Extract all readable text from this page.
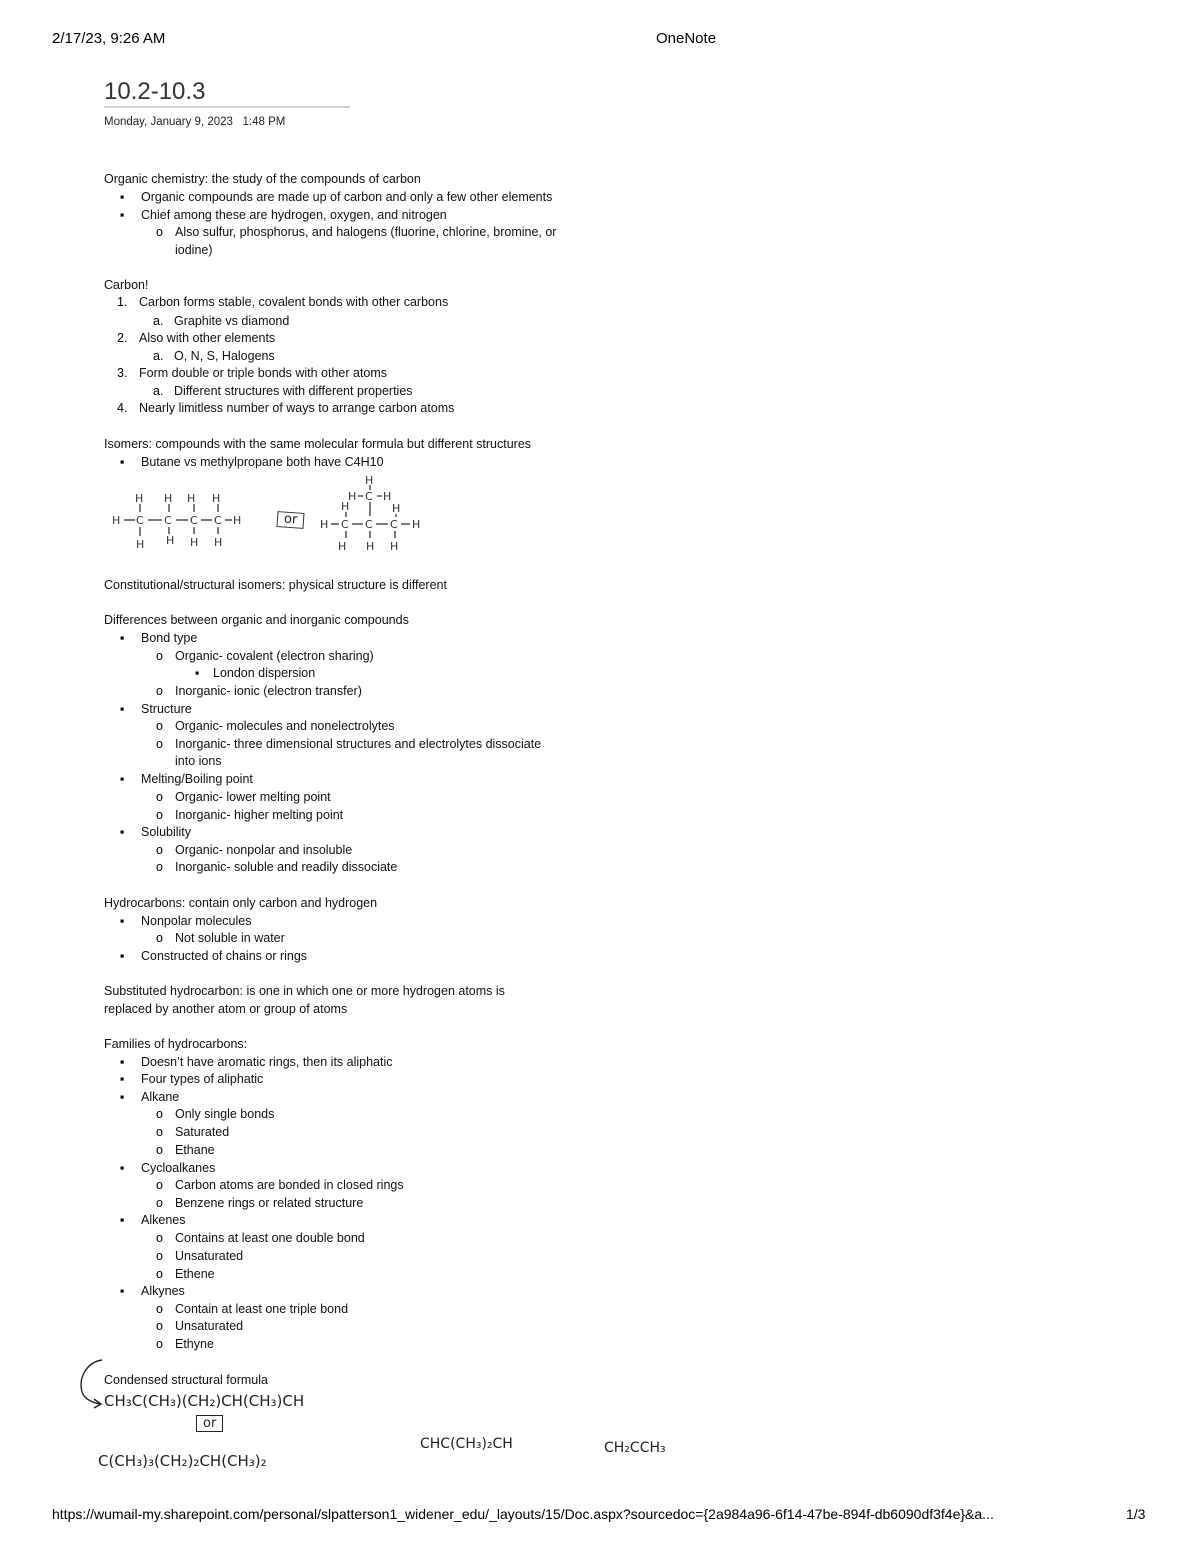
2/17/23, 9:26 AM	OneNote
10.2-10.3
Monday, January 9, 2023 1:48 PM
Organic chemistry: the study of the compounds of carbon
▪ Organic compounds are made up of carbon and only a few other elements
▪ Chief among these are hydrogen, oxygen, and nitrogen
o Also sulfur, phosphorus, and halogens (fluorine, chlorine, bromine, or
iodine)
Carbon!
1. Carbon forms stable, covalent bonds with other carbons
a. Graphite vs diamond
2. Also with other elements
a. O, N, S, Halogens
3. Form double or triple bonds with other atoms
a. Different structures with different properties
4. Nearly limitless number of ways to arrange carbon atoms
Isomers: compounds with the same molecular formula but different structures
▪ Butane vs methylpropane both have C4H10
H C C C C H
H H H H
H H H H
or
H
H C H
H	H
H C C C H
H H H
Constitutional/structural isomers: physical structure is different
Differences between organic and inorganic compounds
▪ Bond type
o Organic- covalent (electron sharing)
▪ London dispersion
o Inorganic- ionic (electron transfer)
▪ Structure
o Organic- molecules and nonelectrolytes
o Inorganic- three dimensional structures and electrolytes dissociate
into ions
▪ Melting/Boiling point
o Organic- lower melting point
o Inorganic- higher melting point
▪ Solubility
o Organic- nonpolar and insoluble
o Inorganic- soluble and readily dissociate
Hydrocarbons: contain only carbon and hydrogen
▪ Nonpolar molecules
o Not soluble in water
▪ Constructed of chains or rings
Substituted hydrocarbon: is one in which one or more hydrogen atoms is
replaced by another atom or group of atoms
Families of hydrocarbons:
▪ Doesn’t have aromatic rings, then its aliphatic
▪ Four types of aliphatic
▪ Alkane
o Only single bonds
o Saturated
o Ethane
▪ Cycloalkanes
o Carbon atoms are bonded in closed rings
o Benzene rings or related structure
▪ Alkenes
o Contains at least one double bond
o Unsaturated
o Ethene
▪ Alkynes
o Contain at least one triple bond
o Unsaturated
o Ethyne
Condensed structural formula
CH₃C(CH₃)(CH₂)CH(CH₃)CH
or
C(CH₃)₃(CH₂)₂CH(CH₃)₂
CHC(CH₃)₂CH	CH₂CCH₃
https://wumail-my.sharepoint.com/personal/slpatterson1_widener_edu/_layouts/15/Doc.aspx?sourcedoc={2a984a96-6f14-47be-894f-db6090df3f4e}&a...	1/3
